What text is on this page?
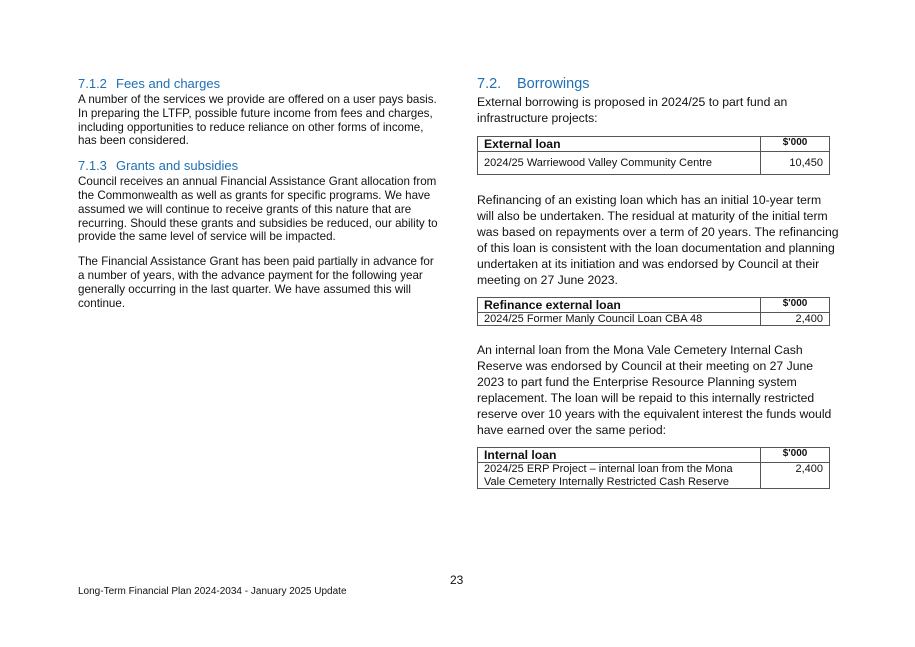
7.1.2 Fees and charges

A number of the services we provide are offered on a user pays basis. In preparing the LTFP, possible future income from fees and charges, including opportunities to reduce reliance on other forms of income, has been considered.

7.1.3 Grants and subsidies

Council receives an annual Financial Assistance Grant allocation from the Commonwealth as well as grants for specific programs. We have assumed we will continue to receive grants of this nature that are recurring. Should these grants and subsidies be reduced, our ability to provide the same level of service will be impacted.

The Financial Assistance Grant has been paid partially in advance for a number of years, with the advance payment for the following year generally occurring in the last quarter. We have assumed this will continue.

7.2. Borrowings

External borrowing is proposed in 2024/25 to part fund an infrastructure projects:

External loan	$'000
2024/25 Warriewood Valley Community Centre	10,450

Refinancing of an existing loan which has an initial 10-year term will also be undertaken. The residual at maturity of the initial term was based on repayments over a term of 20 years. The refinancing of this loan is consistent with the loan documentation and planning undertaken at its initiation and was endorsed by Council at their meeting on 27 June 2023.

Refinance external loan	$'000
2024/25 Former Manly Council Loan CBA 48	2,400

An internal loan from the Mona Vale Cemetery Internal Cash Reserve was endorsed by Council at their meeting on 27 June 2023 to part fund the Enterprise Resource Planning system replacement. The loan will be repaid to this internally restricted reserve over 10 years with the equivalent interest the funds would have earned over the same period:

Internal loan	$'000
2024/25 ERP Project – internal loan from the Mona Vale Cemetery Internally Restricted Cash Reserve	2,400
23
Long-Term Financial Plan 2024-2034 - January 2025 Update
